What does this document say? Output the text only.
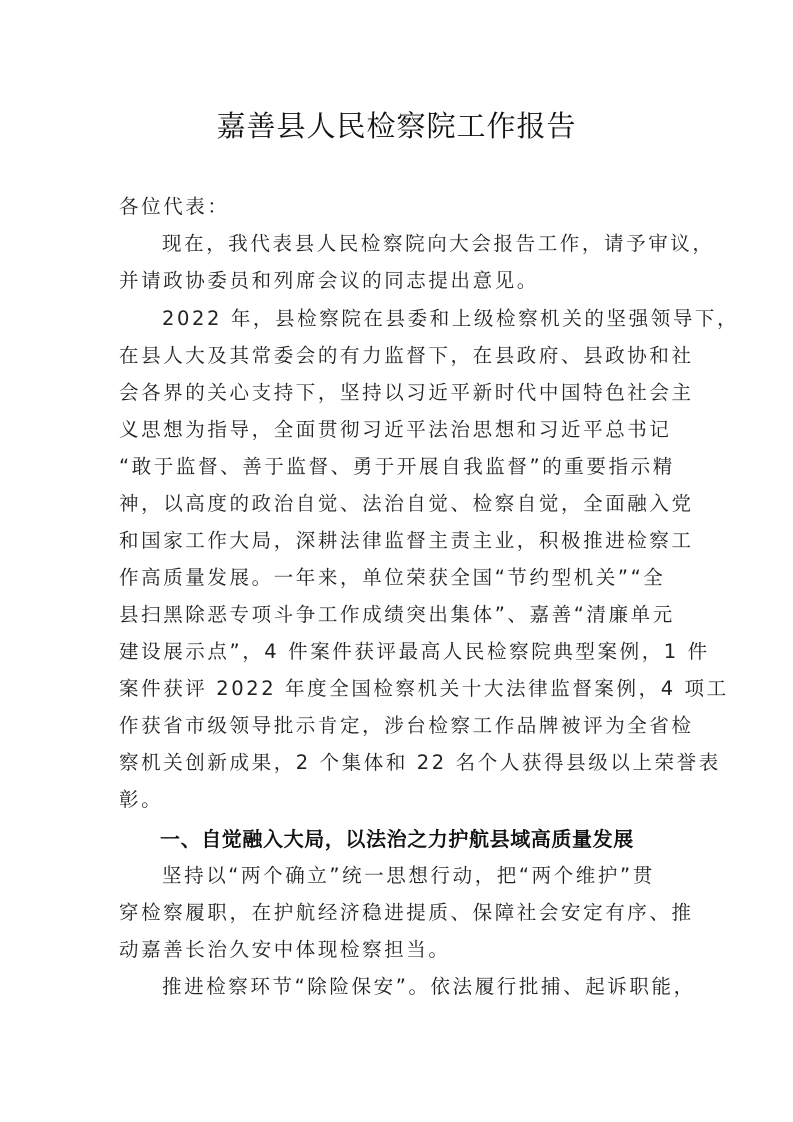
嘉善县人民检察院工作报告
各位代表：
现在，我代表县人民检察院向大会报告工作，请予审议，
并请政协委员和列席会议的同志提出意见。
2022 年，县检察院在县委和上级检察机关的坚强领导下，
在县人大及其常委会的有力监督下，在县政府、县政协和社
会各界的关心支持下，坚持以习近平新时代中国特色社会主
义思想为指导，全面贯彻习近平法治思想和习近平总书记
“敢于监督、善于监督、勇于开展自我监督”的重要指示精
神，以高度的政治自觉、法治自觉、检察自觉，全面融入党
和国家工作大局，深耕法律监督主责主业，积极推进检察工
作高质量发展。一年来，单位荣获全国“节约型机关”“全
县扫黑除恶专项斗争工作成绩突出集体”、嘉善“清廉单元
建设展示点”，4 件案件获评最高人民检察院典型案例，1 件
案件获评 2022 年度全国检察机关十大法律监督案例，4 项工
作获省市级领导批示肯定，涉台检察工作品牌被评为全省检
察机关创新成果，2 个集体和 22 名个人获得县级以上荣誉表
彰。
一、自觉融入大局，以法治之力护航县域高质量发展
坚持以“两个确立”统一思想行动，把“两个维护”贯
穿检察履职，在护航经济稳进提质、保障社会安定有序、推
动嘉善长治久安中体现检察担当。
推进检察环节“除险保安”。依法履行批捕、起诉职能，
